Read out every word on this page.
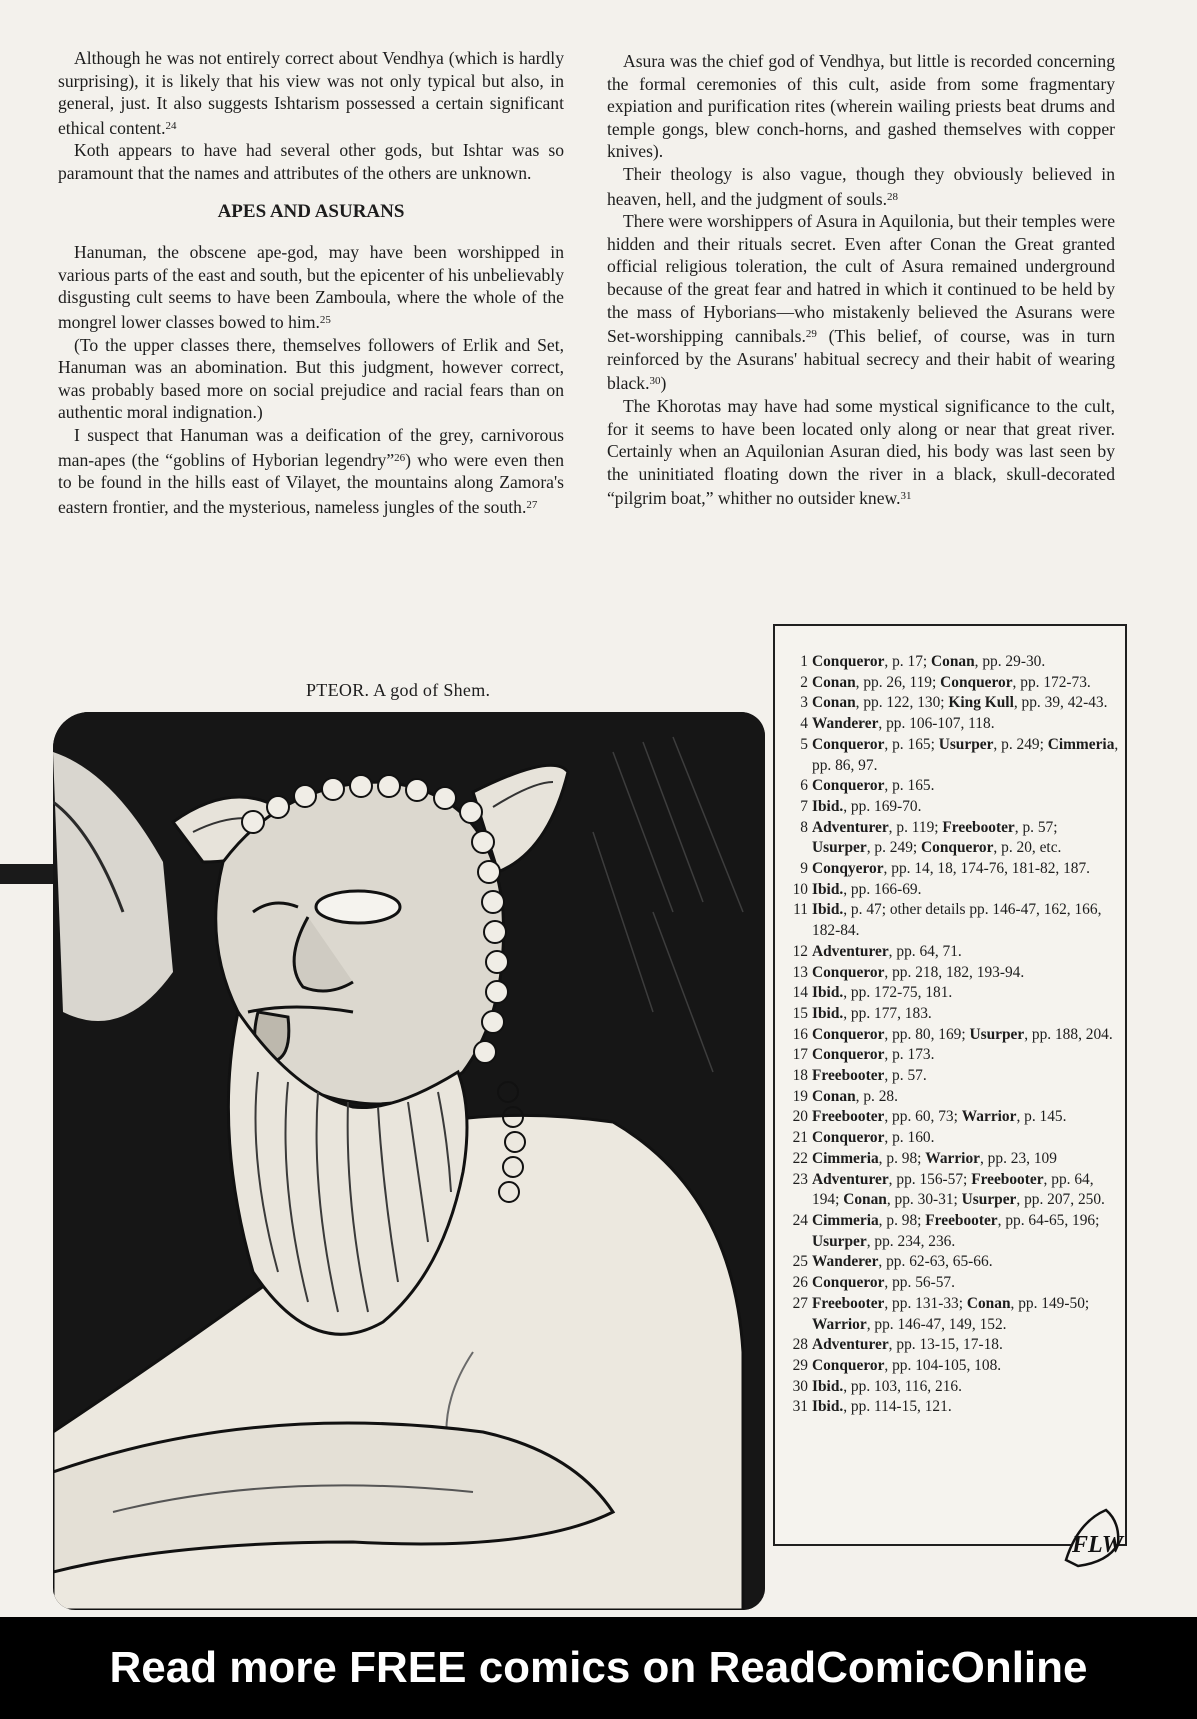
Although he was not entirely correct about Vendhya (which is hardly surprising), it is likely that his view was not only typical but also, in general, just. It also suggests Ishtarism possessed a certain significant ethical content.$^{24}$

Koth appears to have had several other gods, but Ishtar was so paramount that the names and attributes of the others are unknown.

APES AND ASURANS

Hanuman, the obscene ape-god, may have been worshipped in various parts of the east and south, but the epicenter of his unbelievably disgusting cult seems to have been Zamboula, where the whole of the mongrel lower classes bowed to him.$^{25}$

(To the upper classes there, themselves followers of Erlik and Set, Hanuman was an abomination. But this judgment, however correct, was probably based more on social prejudice and racial fears than on authentic moral indignation.)

I suspect that Hanuman was a deification of the grey, carnivorous man-apes (the “goblins of Hyborian legendry”$^{26}$) who were even then to be found in the hills east of Vilayet, the mountains along Zamora's eastern frontier, and the mysterious, nameless jungles of the south.$^{27}$

Asura was the chief god of Vendhya, but little is recorded concerning the formal ceremonies of this cult, aside from some fragmentary expiation and purification rites (wherein wailing priests beat drums and temple gongs, blew conch-horns, and gashed themselves with copper knives).

Their theology is also vague, though they obviously believed in heaven, hell, and the judgment of souls.$^{28}$

There were worshippers of Asura in Aquilonia, but their temples were hidden and their rituals secret. Even after Conan the Great granted official religious toleration, the cult of Asura remained underground because of the great fear and hatred in which it continued to be held by the mass of Hyborians—who mistakenly believed the Asurans were Set-worshipping cannibals.$^{29}$ (This belief, of course, was in turn reinforced by the Asurans' habitual secrecy and their habit of wearing black.$^{30}$)

The Khorotas may have had some mystical significance to the cult, for it seems to have been located only along or near that great river. Certainly when an Aquilonian Asuran died, his body was last seen by the uninitiated floating down the river in a black, skull-decorated “pilgrim boat,” whither no outsider knew.$^{31}$

PTEOR. A god of Shem.
1 Conqueror, p. 17; Conan, pp. 29-30.
2 Conan, pp. 26, 119; Conqueror, pp. 172-73.
3 Conan, pp. 122, 130; King Kull, pp. 39, 42-43.
4 Wanderer, pp. 106-107, 118.
5 Conqueror, p. 165; Usurper, p. 249; Cimmeria, pp. 86, 97.
6 Conqueror, p. 165.
7 Ibid., pp. 169-70.
8 Adventurer, p. 119; Freebooter, p. 57; Usurper, p. 249; Conqueror, p. 20, etc.
9 Conqyeror, pp. 14, 18, 174-76, 181-82, 187.
10 Ibid., pp. 166-69.
11 Ibid., p. 47; other details pp. 146-47, 162, 166, 182-84.
12 Adventurer, pp. 64, 71.
13 Conqueror, pp. 218, 182, 193-94.
14 Ibid., pp. 172-75, 181.
15 Ibid., pp. 177, 183.
16 Conqueror, pp. 80, 169; Usurper, pp. 188, 204.
17 Conqueror, p. 173.
18 Freebooter, p. 57.
19 Conan, p. 28.
20 Freebooter, pp. 60, 73; Warrior, p. 145.
21 Conqueror, p. 160.
22 Cimmeria, p. 98; Warrior, pp. 23, 109
23 Adventurer, pp. 156-57; Freebooter, pp. 64, 194; Conan, pp. 30-31; Usurper, pp. 207, 250.
24 Cimmeria, p. 98; Freebooter, pp. 64-65, 196; Usurper, pp. 234, 236.
25 Wanderer, pp. 62-63, 65-66.
26 Conqueror, pp. 56-57.
27 Freebooter, pp. 131-33; Conan, pp. 149-50; Warrior, pp. 146-47, 149, 152.
28 Adventurer, pp. 13-15, 17-18.
29 Conqueror, pp. 104-105, 108.
30 Ibid., pp. 103, 116, 216.
31 Ibid., pp. 114-15, 121.
FLW
Read more FREE comics on ReadComicOnline
